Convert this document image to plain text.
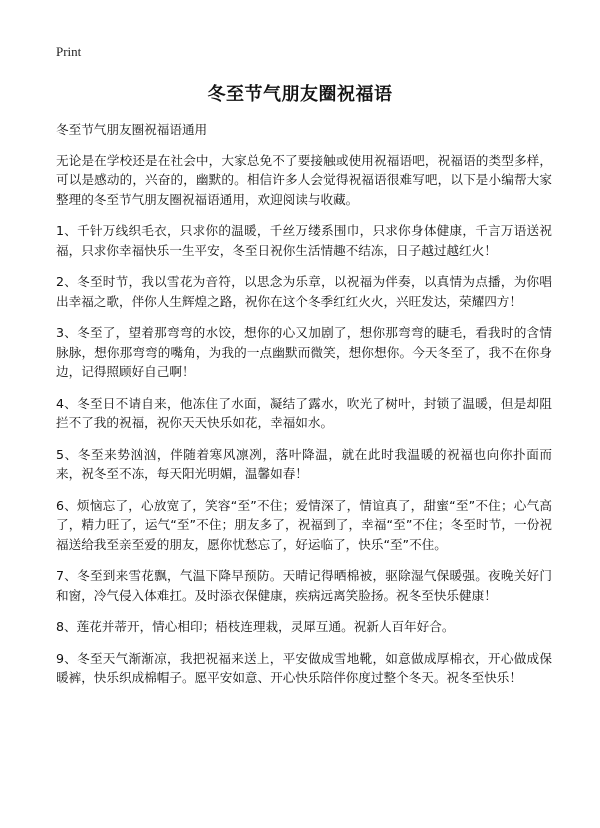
Print
冬至节气朋友圈祝福语

冬至节气朋友圈祝福语通用

无论是在学校还是在社会中，大家总免不了要接触或使用祝福语吧，祝福语的类型多样，可以是感动的，兴奋的，幽默的。相信许多人会觉得祝福语很难写吧，以下是小编帮大家整理的冬至节气朋友圈祝福语通用，欢迎阅读与收藏。

1、千针万线织毛衣，只求你的温暖，千丝万缕系围巾，只求你身体健康，千言万语送祝福，只求你幸福快乐一生平安，冬至日祝你生活情趣不结冻，日子越过越红火！

2、冬至时节，我以雪花为音符，以思念为乐章，以祝福为伴奏，以真情为点播，为你唱出幸福之歌，伴你人生辉煌之路，祝你在这个冬季红红火火，兴旺发达，荣耀四方！

3、冬至了，望着那弯弯的水饺，想你的心又加剧了，想你那弯弯的睫毛，看我时的含情脉脉，想你那弯弯的嘴角，为我的一点幽默而微笑，想你想你。今天冬至了，我不在你身边，记得照顾好自己啊！

4、冬至日不请自来，他冻住了水面，凝结了露水，吹光了树叶，封锁了温暖，但是却阻拦不了我的祝福，祝你天天快乐如花，幸福如水。

5、冬至来势汹汹，伴随着寒风凛冽，落叶降温，就在此时我温暖的祝福也向你扑面而来，祝冬至不冻，每天阳光明媚，温馨如春！

6、烦恼忘了，心放宽了，笑容“至”不住；爱情深了，情谊真了，甜蜜“至”不住；心气高了，精力旺了，运气“至”不住；朋友多了，祝福到了，幸福“至”不住；冬至时节，一份祝福送给我至亲至爱的朋友，愿你忧愁忘了，好运临了，快乐“至”不住。

7、冬至到来雪花飘，气温下降早预防。天晴记得晒棉被，驱除湿气保暖强。夜晚关好门和窗，冷气侵入体难扛。及时添衣保健康，疾病远离笑脸扬。祝冬至快乐健康！

8、莲花并蒂开，情心相印；梧枝连理栽，灵犀互通。祝新人百年好合。

9、冬至天气渐渐凉，我把祝福来送上，平安做成雪地靴，如意做成厚棉衣，开心做成保暖裤，快乐织成棉帽子。愿平安如意、开心快乐陪伴你度过整个冬天。祝冬至快乐！
